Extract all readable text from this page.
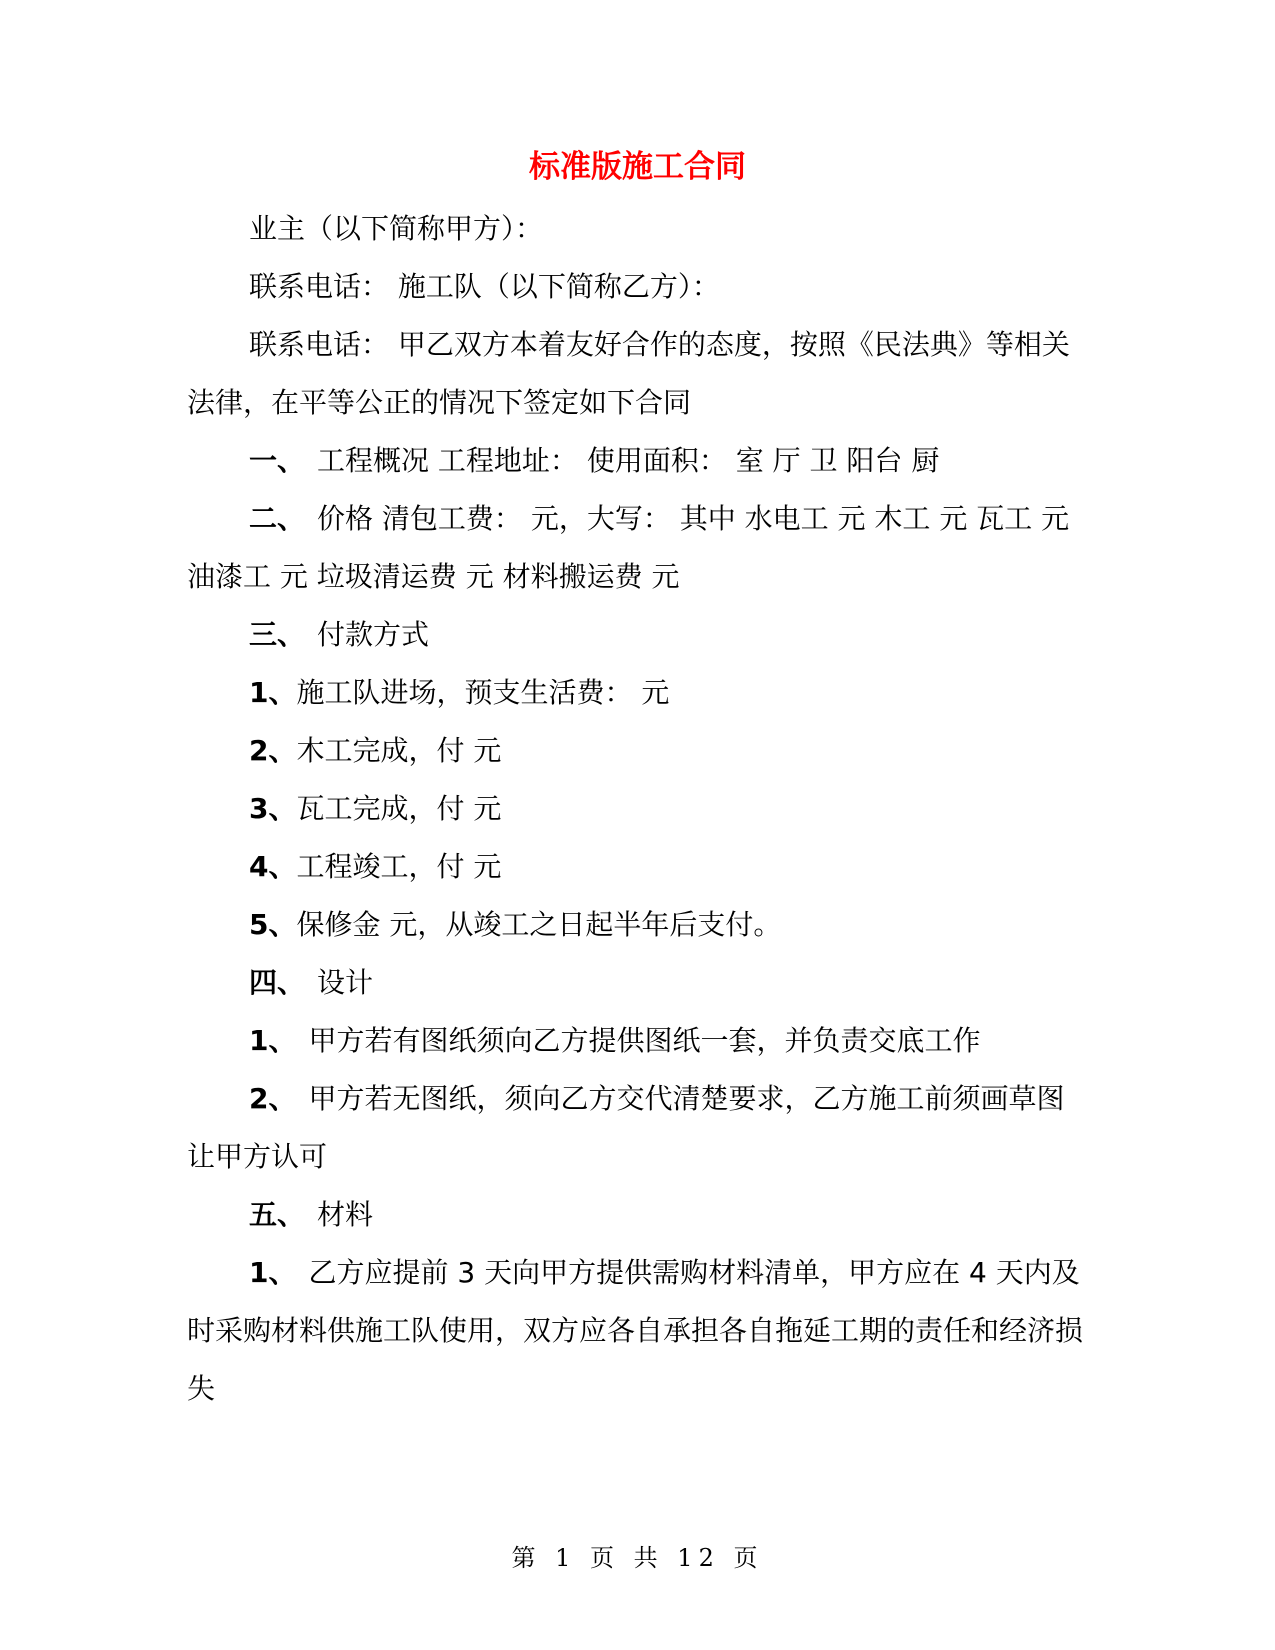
标准版施工合同

业主（以下简称甲方）：

联系电话： 施工队（以下简称乙方）：

联系电话： 甲乙双方本着友好合作的态度，按照《民法典》等相关法律，在平等公正的情况下签定如下合同

一、 工程概况 工程地址： 使用面积： 室 厅 卫 阳台 厨

二、 价格 清包工费： 元，大写： 其中 水电工 元 木工 元 瓦工 元 油漆工 元 垃圾清运费 元 材料搬运费 元

三、 付款方式

1、施工队进场，预支生活费： 元

2、木工完成，付 元

3、瓦工完成，付 元

4、工程竣工，付 元

5、保修金 元，从竣工之日起半年后支付。

四、 设计

1、 甲方若有图纸须向乙方提供图纸一套，并负责交底工作

2、 甲方若无图纸，须向乙方交代清楚要求，乙方施工前须画草图让甲方认可

五、 材料

1、 乙方应提前 3 天向甲方提供需购材料清单，甲方应在 4 天内及时采购材料供施工队使用，双方应各自承担各自拖延工期的责任和经济损失

第 1 页 共 12 页
